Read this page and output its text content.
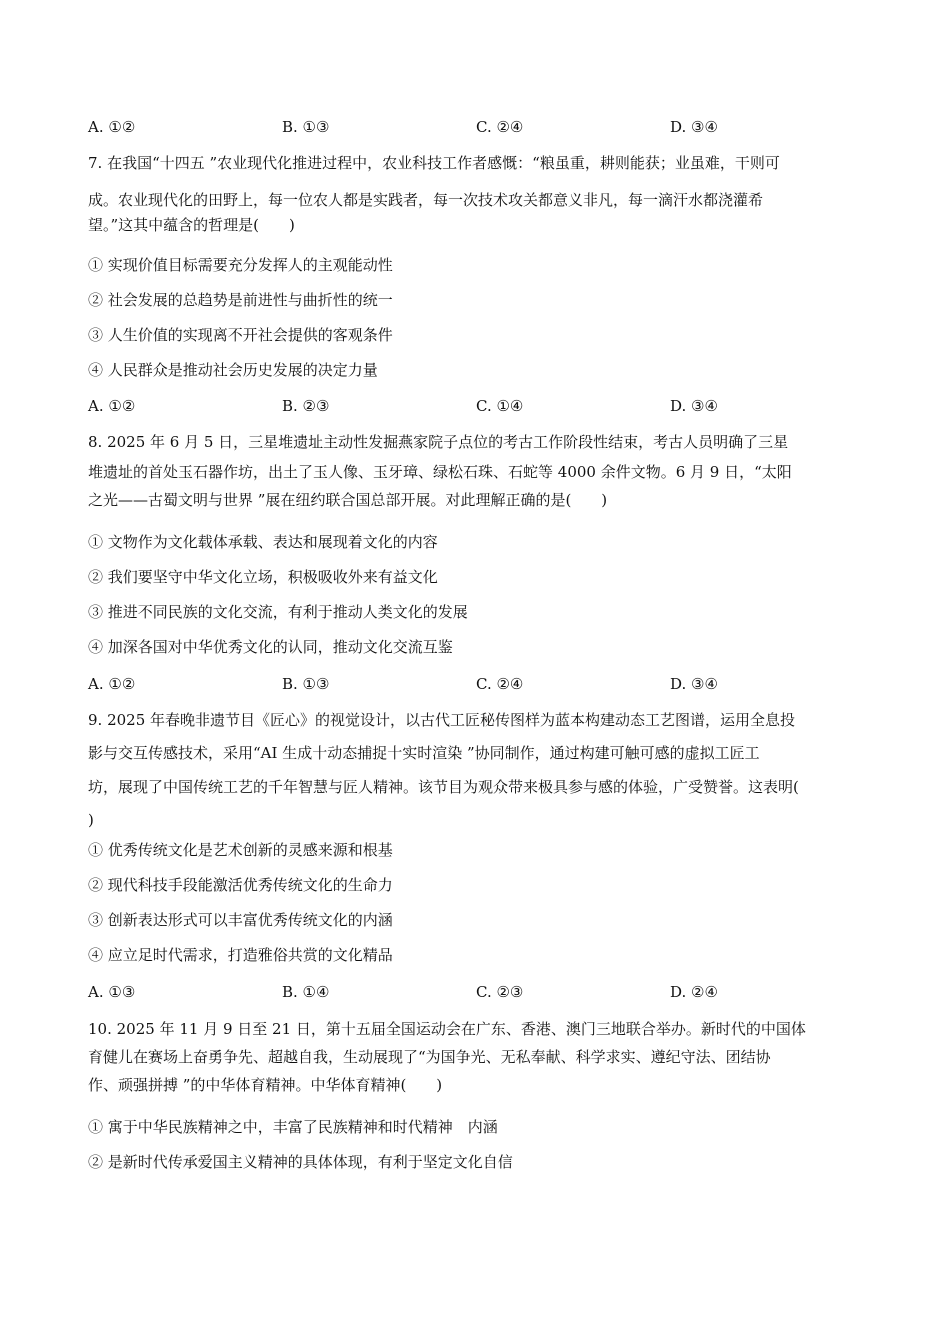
A. ①②	B. ①③	C. ②④	D. ③④
7. 在我国“十四五 ”农业现代化推进过程中，农业科技工作者感慨：“粮虽重，耕则能获；业虽难，干则可
成。农业现代化的田野上，每一位农人都是实践者，每一次技术攻关都意义非凡，每一滴汗水都浇灌希
望。”这其中蕴含的哲理是(　　)
① 实现价值目标需要充分发挥人的主观能动性
② 社会发展的总趋势是前进性与曲折性的统一
③ 人生价值的实现离不开社会提供的客观条件
④ 人民群众是推动社会历史发展的决定力量
A. ①②	B. ②③	C. ①④	D. ③④
8. 2025 年 6 月 5 日，三星堆遗址主动性发掘燕家院子点位的考古工作阶段性结束，考古人员明确了三星
堆遗址的首处玉石器作坊，出土了玉人像、玉牙璋、绿松石珠、石蛇等 4000 余件文物。6 月 9 日，“太阳
之光——古蜀文明与世界 ”展在纽约联合国总部开展。对此理解正确的是(　　)
① 文物作为文化载体承载、表达和展现着文化的内容
② 我们要坚守中华文化立场，积极吸收外来有益文化
③ 推进不同民族的文化交流，有利于推动人类文化的发展
④ 加深各国对中华优秀文化的认同，推动文化交流互鉴
A. ①②	B. ①③	C. ②④	D. ③④
9. 2025 年春晚非遗节目《匠心》的视觉设计，以古代工匠秘传图样为蓝本构建动态工艺图谱，运用全息投
影与交互传感技术，采用“AI 生成十动态捕捉十实时渲染 ”协同制作，通过构建可触可感的虚拟工匠工
坊，展现了中国传统工艺的千年智慧与匠人精神。该节目为观众带来极具参与感的体验，广受赞誉。这表明(
)
① 优秀传统文化是艺术创新的灵感来源和根基
② 现代科技手段能激活优秀传统文化的生命力
③ 创新表达形式可以丰富优秀传统文化的内涵
④ 应立足时代需求，打造雅俗共赏的文化精品
A. ①③	B. ①④	C. ②③	D. ②④
10. 2025 年 11 月 9 日至 21 日，第十五届全国运动会在广东、香港、澳门三地联合举办。新时代的中国体
育健儿在赛场上奋勇争先、超越自我，生动展现了“为国争光、无私奉献、科学求实、遵纪守法、团结协
作、顽强拼搏 ”的中华体育精神。中华体育精神(　　)
① 寓于中华民族精神之中，丰富了民族精神和时代精神　内涵
② 是新时代传承爱国主义精神的具体体现，有利于坚定文化自信
